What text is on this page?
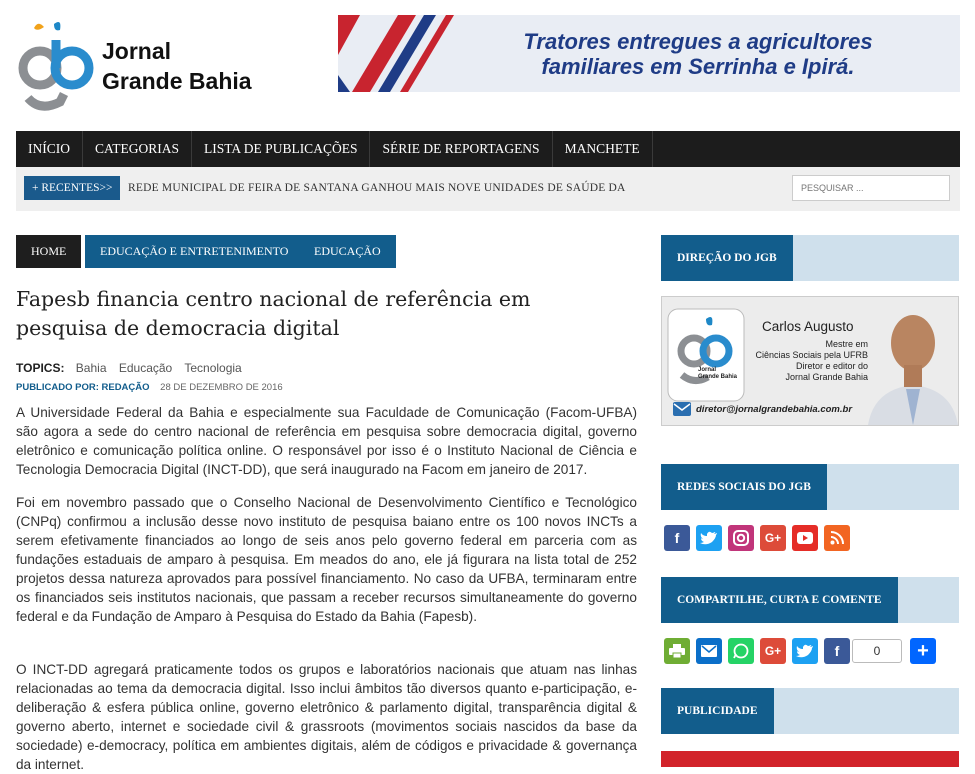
Jornal
Grande Bahia
Tratores entregues a agricultores
familiares em Serrinha e Ipirá.
INÍCIO	CATEGORIAS	LISTA DE PUBLICAÇÕES	SÉRIE DE REPORTAGENS	MANCHETE
+ RECENTES>>	REDE MUNICIPAL DE FEIRA DE SANTANA GANHOU MAIS NOVE UNIDADES DE SAÚDE DA
PESQUISAR ...
HOME	EDUCAÇÃO E ENTRETENIMENTO	EDUCAÇÃO
Fapesb financia centro nacional de referência em pesquisa de democracia digital
TOPICS: Bahia Educação Tecnologia
PUBLICADO POR: REDAÇÃO 28 DE DEZEMBRO DE 2016

A Universidade Federal da Bahia e especialmente sua Faculdade de Comunicação (Facom-UFBA) são agora a sede do centro nacional de referência em pesquisa sobre democracia digital, governo eletrônico e comunicação política online. O responsável por isso é o Instituto Nacional de Ciência e Tecnologia Democracia Digital (INCT-DD), que será inaugurado na Facom em janeiro de 2017.

Foi em novembro passado que o Conselho Nacional de Desenvolvimento Científico e Tecnológico (CNPq) confirmou a inclusão desse novo instituto de pesquisa baiano entre os 100 novos INCTs a serem efetivamente financiados ao longo de seis anos pelo governo federal em parceria com as fundações estaduais de amparo à pesquisa. Em meados do ano, ele já figurara na lista total de 252 projetos dessa natureza aprovados para possível financiamento. No caso da UFBA, terminaram entre os financiados seis institutos nacionais, que passam a receber recursos simultaneamente do governo federal e da Fundação de Amparo à Pesquisa do Estado da Bahia (Fapesb).

O INCT-DD agregará praticamente todos os grupos e laboratórios nacionais que atuam nas linhas relacionadas ao tema da democracia digital. Isso inclui âmbitos tão diversos quanto e-participação, e-deliberação & esfera pública online, governo eletrônico & parlamento digital, transparência digital & governo aberto, internet e sociedade civil & grassroots (movimentos sociais nascidos da base da sociedade) e-democracy, política em ambientes digitais, além de códigos e privacidade & governança da internet.

DIREÇÃO DO JGB
Jornal
Grande Bahia
Carlos Augusto
Mestre em
Ciências Sociais pela UFRB
Diretor e editor do
Jornal Grande Bahia
diretor@jornalgrandebahia.com.br
REDES SOCIAIS DO JGB
f	G+
COMPARTILHE, CURTA E COMENTE
G+	f	0	+
PUBLICIDADE
